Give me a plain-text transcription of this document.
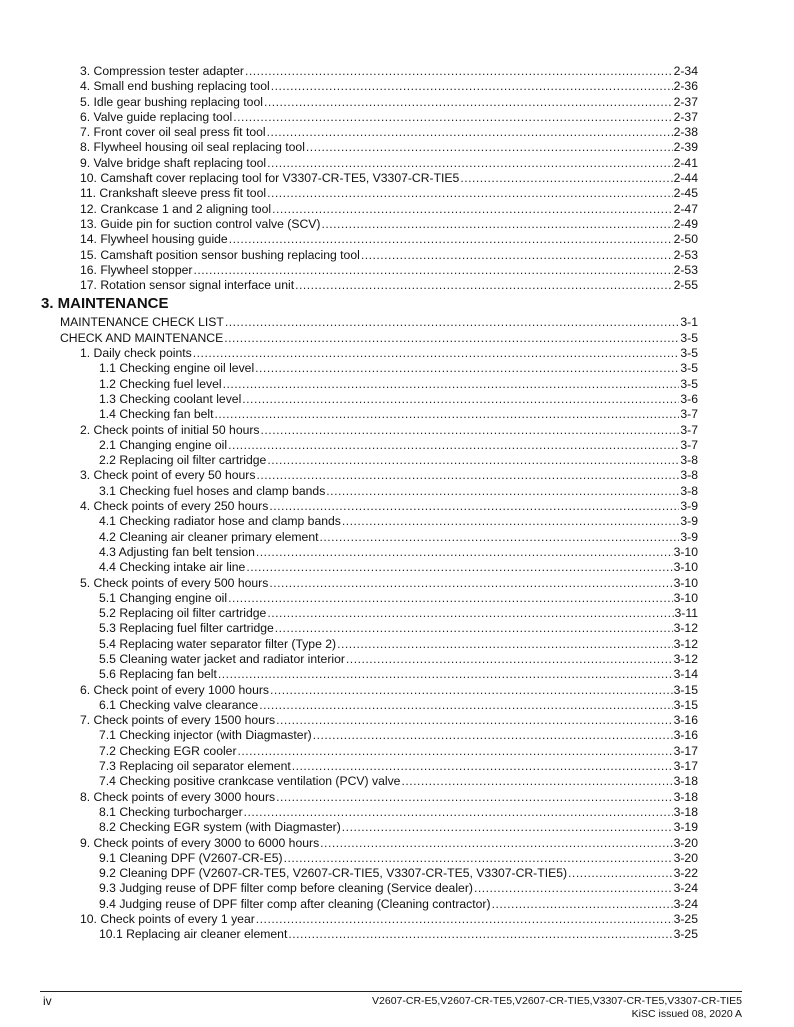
3. Compression tester adapter .....	2-34
4. Small end bushing replacing tool .....	2-36
5. Idle gear bushing replacing tool .....	2-37
6. Valve guide replacing tool .....	2-37
7. Front cover oil seal press fit tool .....	2-38
8. Flywheel housing oil seal replacing tool .....	2-39
9. Valve bridge shaft replacing tool .....	2-41
10. Camshaft cover replacing tool for V3307-CR-TE5, V3307-CR-TIE5 .....	2-44
11. Crankshaft sleeve press fit tool .....	2-45
12. Crankcase 1 and 2 aligning tool .....	2-47
13. Guide pin for suction control valve (SCV) .....	2-49
14. Flywheel housing guide .....	2-50
15. Camshaft position sensor bushing replacing tool .....	2-53
16. Flywheel stopper .....	2-53
17. Rotation sensor signal interface unit .....	2-55
3. MAINTENANCE
MAINTENANCE CHECK LIST .....	3-1
CHECK AND MAINTENANCE .....	3-5
1. Daily check points .....	3-5
1.1 Checking engine oil level .....	3-5
1.2 Checking fuel level .....	3-5
1.3 Checking coolant level .....	3-6
1.4 Checking fan belt .....	3-7
2. Check points of initial 50 hours .....	3-7
2.1 Changing engine oil .....	3-7
2.2 Replacing oil filter cartridge .....	3-8
3. Check point of every 50 hours .....	3-8
3.1 Checking fuel hoses and clamp bands .....	3-8
4. Check points of every 250 hours .....	3-9
4.1 Checking radiator hose and clamp bands .....	3-9
4.2 Cleaning air cleaner primary element .....	3-9
4.3 Adjusting fan belt tension .....	3-10
4.4 Checking intake air line .....	3-10
5. Check points of every 500 hours .....	3-10
5.1 Changing engine oil .....	3-10
5.2 Replacing oil filter cartridge .....	3-11
5.3 Replacing fuel filter cartridge .....	3-12
5.4 Replacing water separator filter (Type 2) .....	3-12
5.5 Cleaning water jacket and radiator interior .....	3-12
5.6 Replacing fan belt .....	3-14
6. Check point of every 1000 hours .....	3-15
6.1 Checking valve clearance .....	3-15
7. Check points of every 1500 hours .....	3-16
7.1 Checking injector (with Diagmaster) .....	3-16
7.2 Checking EGR cooler .....	3-17
7.3 Replacing oil separator element .....	3-17
7.4 Checking positive crankcase ventilation (PCV) valve .....	3-18
8. Check points of every 3000 hours .....	3-18
8.1 Checking turbocharger .....	3-18
8.2 Checking EGR system (with Diagmaster) .....	3-19
9. Check points of every 3000 to 6000 hours .....	3-20
9.1 Cleaning DPF (V2607-CR-E5) .....	3-20
9.2 Cleaning DPF (V2607-CR-TE5, V2607-CR-TIE5, V3307-CR-TE5, V3307-CR-TIE5) .....	3-22
9.3 Judging reuse of DPF filter comp before cleaning (Service dealer) .....	3-24
9.4 Judging reuse of DPF filter comp after cleaning (Cleaning contractor) .....	3-24
10. Check points of every 1 year .....	3-25
10.1 Replacing air cleaner element .....	3-25
iv	V2607-CR-E5,V2607-CR-TE5,V2607-CR-TIE5,V3307-CR-TE5,V3307-CR-TIE5
KiSC issued 08, 2020 A
